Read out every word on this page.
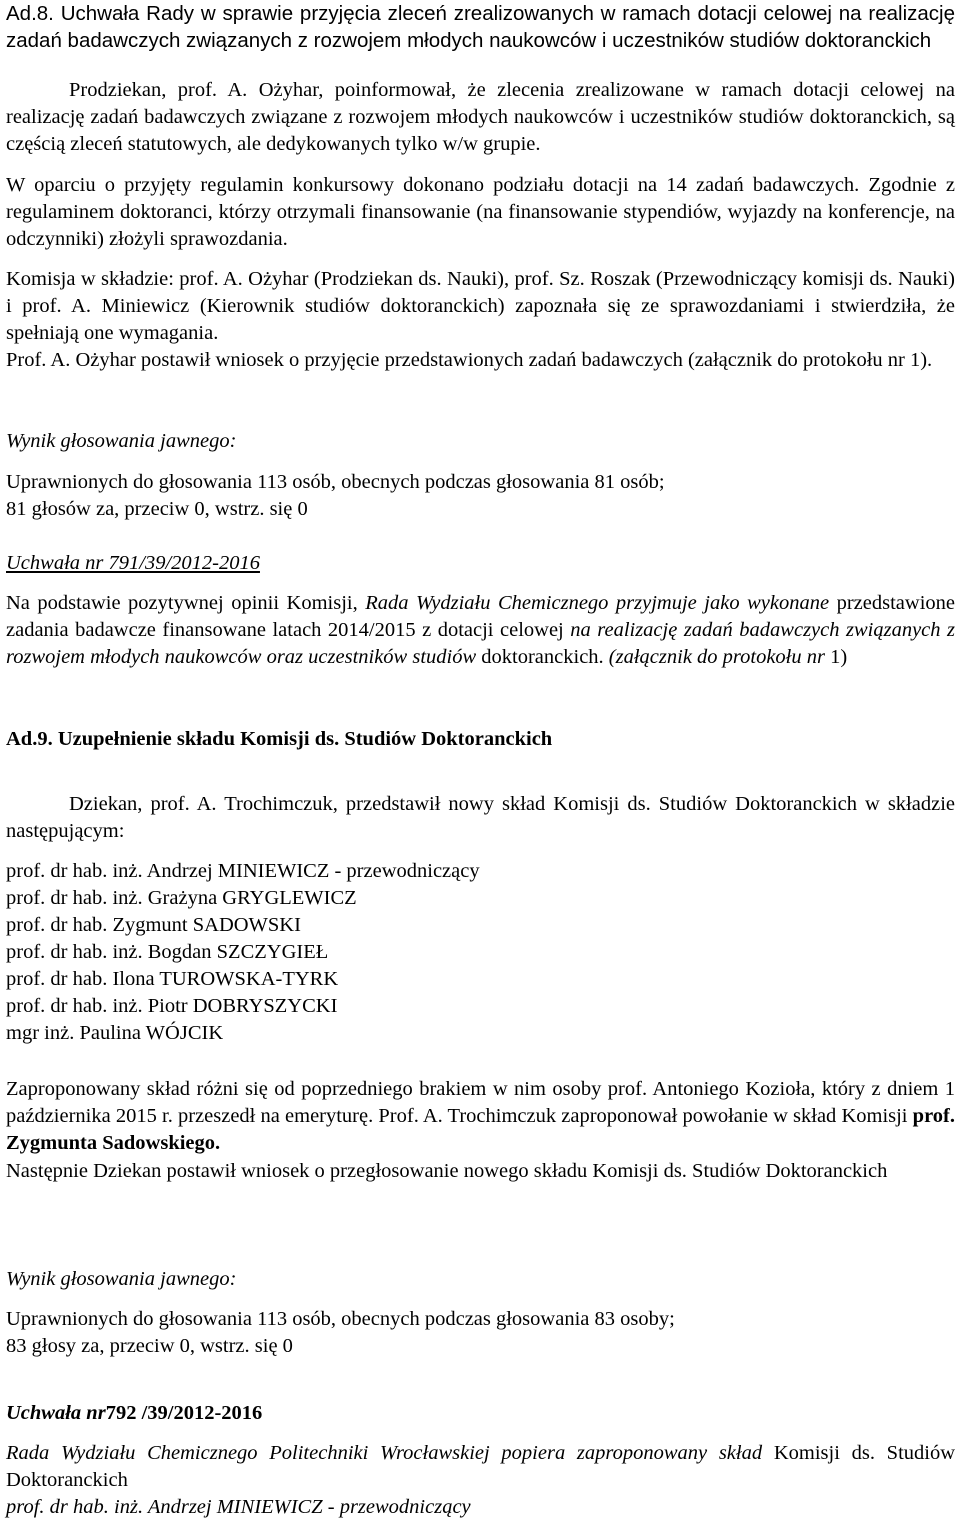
Ad.8. Uchwała Rady w sprawie przyjęcia zleceń zrealizowanych w ramach dotacji celowej na realizację zadań badawczych związanych z rozwojem młodych naukowców i uczestników studiów doktoranckich

Prodziekan, prof. A. Ożyhar, poinformował, że zlecenia zrealizowane w ramach dotacji celowej na realizację zadań badawczych związane z rozwojem młodych naukowców i uczestników studiów doktoranckich, są częścią zleceń statutowych, ale dedykowanych tylko w/w grupie.

W oparciu o przyjęty regulamin konkursowy dokonano podziału dotacji na 14 zadań badawczych. Zgodnie z regulaminem doktoranci, którzy otrzymali finansowanie (na finansowanie stypendiów, wyjazdy na konferencje, na odczynniki) złożyli sprawozdania.

Komisja w składzie: prof. A. Ożyhar (Prodziekan ds. Nauki), prof. Sz. Roszak (Przewodniczący komisji ds. Nauki) i prof. A. Miniewicz (Kierownik studiów doktoranckich) zapoznała się ze sprawozdaniami i stwierdziła, że spełniają one wymagania.

Prof. A. Ożyhar postawił wniosek o przyjęcie przedstawionych zadań badawczych (załącznik do protokołu nr 1).

Wynik głosowania jawnego:

Uprawnionych do głosowania 113 osób, obecnych podczas głosowania 81 osób;
81 głosów za, przeciw 0, wstrz. się 0

Uchwała nr 791/39/2012-2016

Na podstawie pozytywnej opinii Komisji, Rada Wydziału Chemicznego przyjmuje jako wykonane przedstawione zadania badawcze finansowane latach 2014/2015 z dotacji celowej na realizację zadań badawczych związanych z rozwojem młodych naukowców oraz uczestników studiów doktoranckich. (załącznik do protokołu nr 1)

Ad.9. Uzupełnienie składu Komisji ds. Studiów Doktoranckich

Dziekan, prof. A. Trochimczuk, przedstawił nowy skład Komisji ds. Studiów Doktoranckich w składzie następującym:

prof. dr hab. inż. Andrzej MINIEWICZ - przewodniczący
prof. dr hab. inż. Grażyna GRYGLEWICZ
prof. dr hab. Zygmunt SADOWSKI
prof. dr hab. inż. Bogdan SZCZYGIEŁ
prof. dr hab. Ilona TUROWSKA-TYRK
prof. dr hab. inż. Piotr DOBRYSZYCKI
mgr inż. Paulina WÓJCIK

Zaproponowany skład różni się od poprzedniego brakiem w nim osoby prof. Antoniego Kozioła, który z dniem 1 października 2015 r. przeszedł na emeryturę. Prof. A. Trochimczuk zaproponował powołanie w skład Komisji prof. Zygmunta Sadowskiego.

Następnie Dziekan postawił wniosek o przegłosowanie nowego składu Komisji ds. Studiów Doktoranckich

Wynik głosowania jawnego:

Uprawnionych do głosowania 113 osób, obecnych podczas głosowania 83 osoby;
83 głosy za, przeciw 0, wstrz. się 0

Uchwała nr792 /39/2012-2016

Rada Wydziału Chemicznego Politechniki Wrocławskiej popiera zaproponowany skład Komisji ds. Studiów Doktoranckich
prof. dr hab. inż. Andrzej MINIEWICZ - przewodniczący
